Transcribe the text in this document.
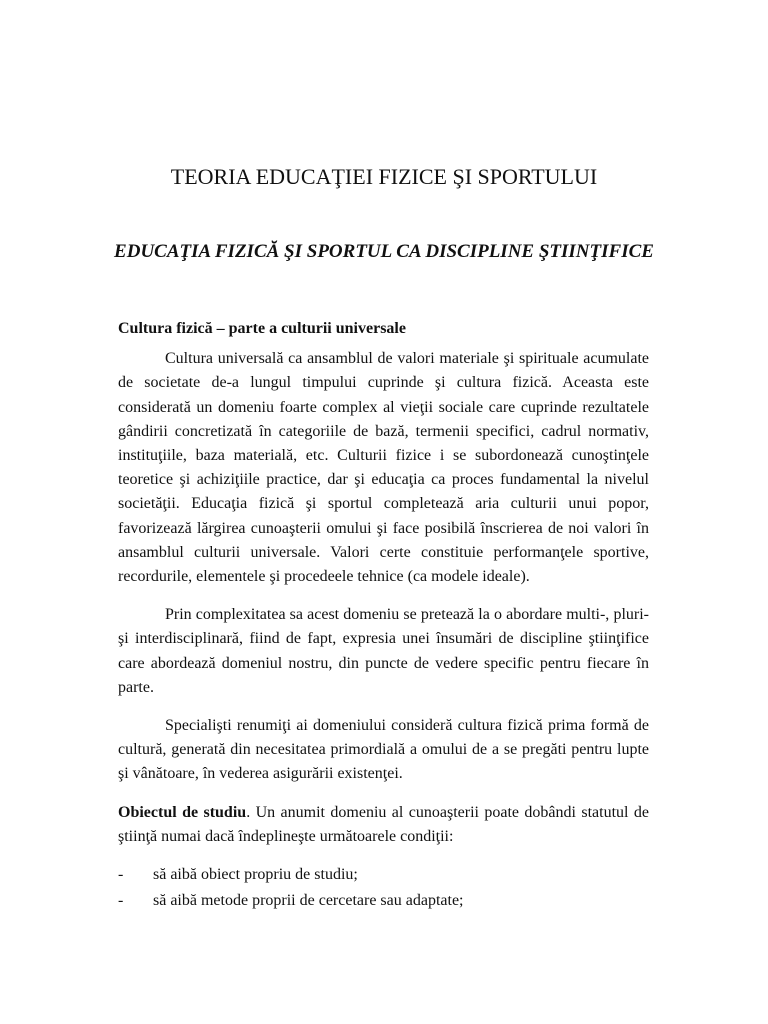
TEORIA EDUCAŢIEI FIZICE ŞI SPORTULUI
EDUCAŢIA FIZICĂ ŞI SPORTUL CA DISCIPLINE ŞTIINŢIFICE

Cultura fizică – parte a culturii universale

Cultura universală ca ansamblul de valori materiale şi spirituale acumulate de societate de-a lungul timpului cuprinde şi cultura fizică. Aceasta este considerată un domeniu foarte complex al vieţii sociale care cuprinde rezultatele gândirii concretizată în categoriile de bază, termenii specifici, cadrul normativ, instituţiile, baza materială, etc. Culturii fizice i se subordonează cunoştinţele teoretice şi achiziţiile practice, dar şi educaţia ca proces fundamental la nivelul societăţii. Educaţia fizică şi sportul completează aria culturii unui popor, favorizează lărgirea cunoaşterii omului şi face posibilă înscrierea de noi valori în ansamblul culturii universale. Valori certe constituie performanţele sportive, recordurile, elementele şi procedeele tehnice (ca modele ideale).

Prin complexitatea sa acest domeniu se pretează la o abordare multi-, pluri- şi interdisciplinară, fiind de fapt, expresia unei însumări de discipline ştiinţifice care abordează domeniul nostru, din puncte de vedere specific pentru fiecare în parte.

Specialişti renumiţi ai domeniului consideră cultura fizică prima formă de cultură, generată din necesitatea primordială a omului de a se pregăti pentru lupte şi vânătoare, în vederea asigurării existenţei.

Obiectul de studiu. Un anumit domeniu al cunoaşterii poate dobândi statutul de ştiinţă numai dacă îndeplineşte următoarele condiţii:

- să aibă obiect propriu de studiu;
- să aibă metode proprii de cercetare sau adaptate;
